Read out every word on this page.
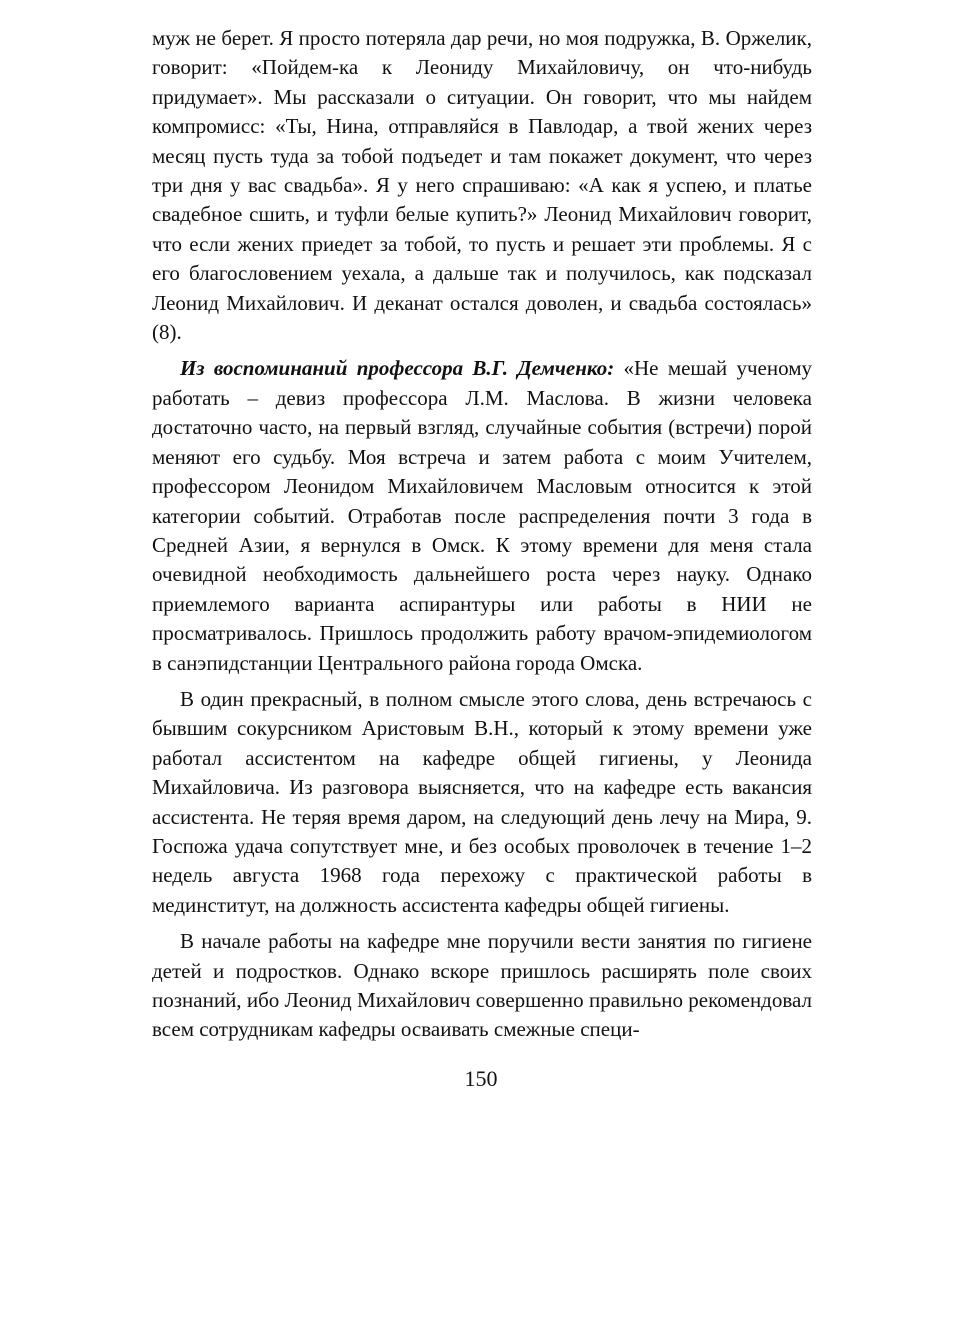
муж не берет. Я просто потеряла дар речи, но моя подружка, В. Оржелик, говорит: «Пойдем-ка к Леониду Михайловичу, он что-нибудь придумает». Мы рассказали о ситуации. Он говорит, что мы найдем компромисс: «Ты, Нина, отправляйся в Павлодар, а твой жених через месяц пусть туда за тобой подъедет и там покажет документ, что через три дня у вас свадьба». Я у него спрашиваю: «А как я успею, и платье свадебное сшить, и туфли белые купить?» Леонид Михайлович говорит, что если жених приедет за тобой, то пусть и решает эти проблемы. Я с его благословением уехала, а дальше так и получилось, как подсказал Леонид Михайлович. И деканат остался доволен, и свадьба состоялась» (8).

Из воспоминаний профессора В.Г. Демченко: «Не мешай ученому работать – девиз профессора Л.М. Маслова. В жизни человека достаточно часто, на первый взгляд, случайные события (встречи) порой меняют его судьбу. Моя встреча и затем работа с моим Учителем, профессором Леонидом Михайловичем Масловым относится к этой категории событий. Отработав после распределения почти 3 года в Средней Азии, я вернулся в Омск. К этому времени для меня стала очевидной необходимость дальнейшего роста через науку. Однако приемлемого варианта аспирантуры или работы в НИИ не просматривалось. Пришлось продолжить работу врачом-эпидемиологом в санэпидстанции Центрального района города Омска.

В один прекрасный, в полном смысле этого слова, день встречаюсь с бывшим сокурсником Аристовым В.Н., который к этому времени уже работал ассистентом на кафедре общей гигиены, у Леонида Михайловича. Из разговора выясняется, что на кафедре есть вакансия ассистента. Не теряя время даром, на следующий день лечу на Мира, 9. Госпожа удача сопутствует мне, и без особых проволочек в течение 1–2 недель августа 1968 года перехожу с практической работы в мединститут, на должность ассистента кафедры общей гигиены.

В начале работы на кафедре мне поручили вести занятия по гигиене детей и подростков. Однако вскоре пришлось расширять поле своих познаний, ибо Леонид Михайлович совершенно правильно рекомендовал всем сотрудникам кафедры осваивать смежные специ-

150
